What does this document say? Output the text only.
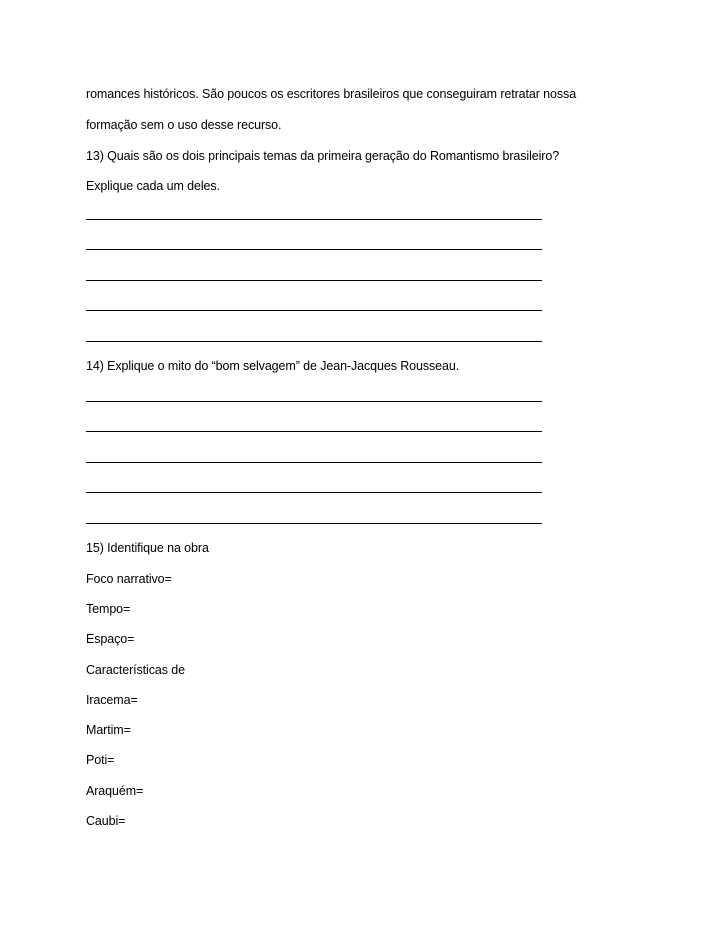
romances históricos. São poucos os escritores brasileiros que conseguiram retratar nossa
formação sem o uso desse recurso.
13) Quais são os dois principais temas da primeira geração do Romantismo brasileiro?
Explique cada um deles.
14) Explique o mito do “bom selvagem” de Jean-Jacques Rousseau.
15) Identifique na obra
Foco narrativo=
Tempo=
Espaço=
Características de
Iracema=
Martim=
Poti=
Araquém=
Caubi=
